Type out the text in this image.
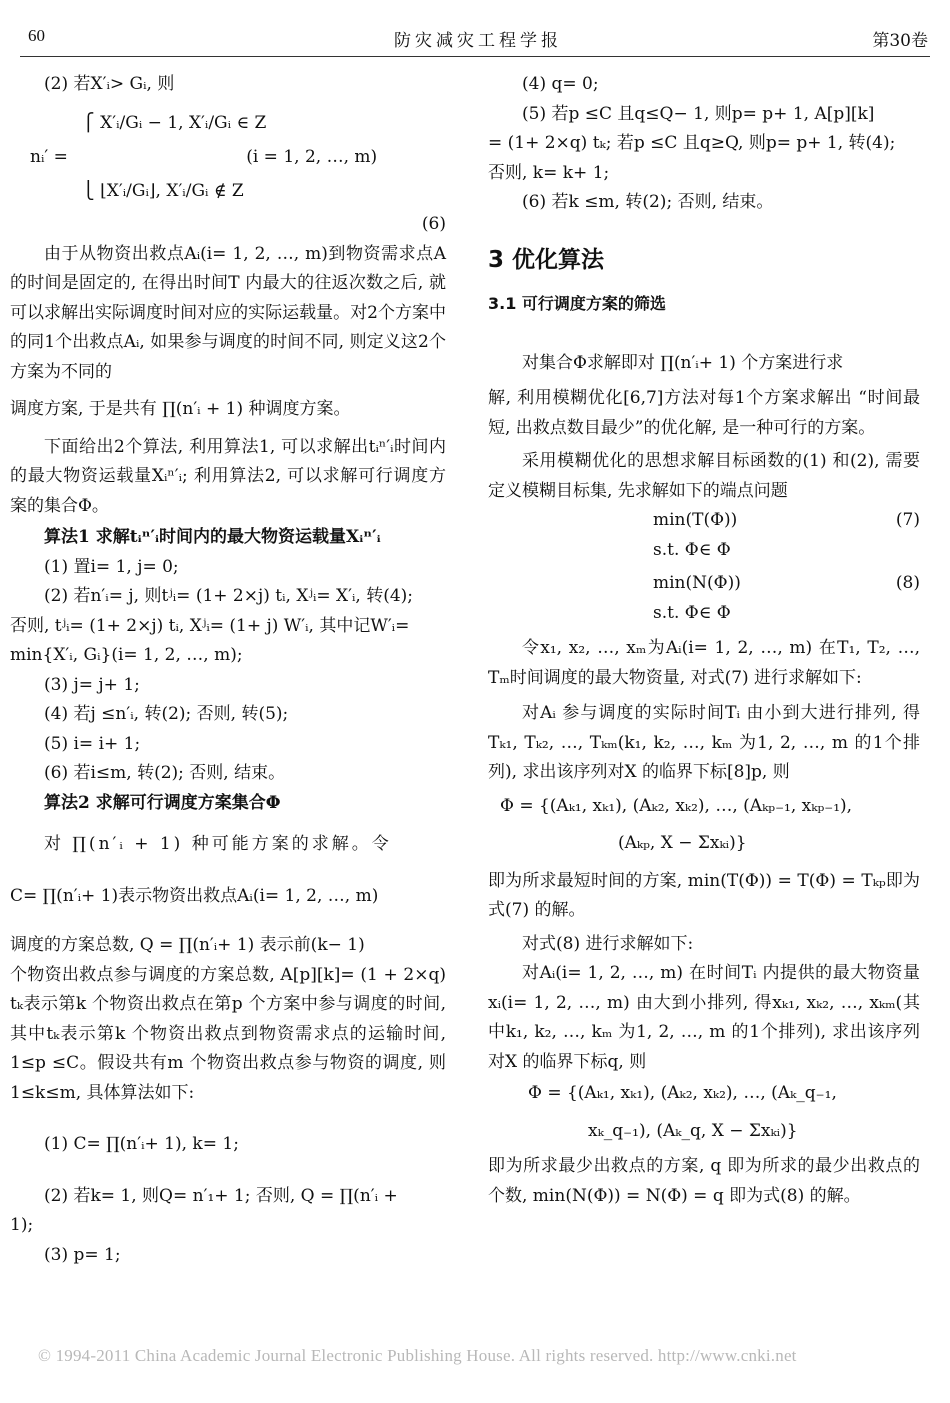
60	防灾减灾工程学报	第30卷

(2) 若X′ᵢ> Gᵢ, 则

⎧ X′ᵢ/Gᵢ − 1, X′ᵢ/Gᵢ ∈ Z

nᵢ′ =                                 (i = 1, 2, …, m)

⎩ ⌊X′ᵢ/Gᵢ⌋, X′ᵢ/Gᵢ ∉ Z

(6)

由于从物资出救点Aᵢ(i= 1, 2, …, m)到物资需求点A 的时间是固定的, 在得出时间T 内最大的往返次数之后, 就可以求解出实际调度时间对应的实际运载量。对2个方案中的同1个出救点Aᵢ, 如果参与调度的时间不同, 则定义这2个方案为不同的

调度方案, 于是共有 ∏(n′ᵢ + 1) 种调度方案。

下面给出2个算法, 利用算法1, 可以求解出tᵢⁿ′ᵢ时间内的最大物资运载量Xᵢⁿ′ᵢ; 利用算法2, 可以求解可行调度方案的集合Φ。

算法1 求解tᵢⁿ′ᵢ时间内的最大物资运载量Xᵢⁿ′ᵢ

(1) 置i= 1, j= 0;

(2) 若n′ᵢ= j, 则tʲᵢ= (1+ 2×j) tᵢ, Xʲᵢ= X′ᵢ, 转(4);

否则, tʲᵢ= (1+ 2×j) tᵢ, Xʲᵢ= (1+ j) W′ᵢ, 其中记W′ᵢ=

min{X′ᵢ, Gᵢ}(i= 1, 2, …, m);

(3) j= j+ 1;

(4) 若j ≤n′ᵢ, 转(2); 否则, 转(5);

(5) i= i+ 1;

(6) 若i≤m, 转(2); 否则, 结束。

算法2 求解可行调度方案集合Φ

对 ∏(n′ᵢ + 1) 种可能方案的求解。令

C= ∏(n′ᵢ+ 1)表示物资出救点Aᵢ(i= 1, 2, …, m)

调度的方案总数, Q = ∏(n′ᵢ+ 1) 表示前(k− 1)

个物资出救点参与调度的方案总数, A[p][k]= (1 + 2×q) tₖ表示第k 个物资出救点在第p 个方案中参与调度的时间, 其中tₖ表示第k 个物资出救点到物资需求点的运输时间, 1≤p ≤C。假设共有m 个物资出救点参与物资的调度, 则1≤k≤m, 具体算法如下:

(1) C= ∏(n′ᵢ+ 1), k= 1;

(2) 若k= 1, 则Q= n′₁+ 1; 否则, Q = ∏(n′ᵢ +

1);

(3) p= 1;

(4) q= 0;

(5) 若p ≤C 且q≤Q− 1, 则p= p+ 1, A[p][k]

= (1+ 2×q) tₖ; 若p ≤C 且q≥Q, 则p= p+ 1, 转(4);

否则, k= k+ 1;

(6) 若k ≤m, 转(2); 否则, 结束。

3 优化算法
3.1 可行调度方案的筛选

对集合Φ求解即对 ∏(n′ᵢ+ 1) 个方案进行求

解, 利用模糊优化[6,7]方法对每1个方案求解出 “时间最短, 出救点数目最少”的优化解, 是一种可行的方案。

采用模糊优化的思想求解目标函数的(1) 和(2), 需要定义模糊目标集, 先求解如下的端点问题

min(T(Φ))

s.t. Φ∈ Φ

(7)

min(N(Φ))

s.t. Φ∈ Φ

(8)

令x₁, x₂, …, xₘ为Aᵢ(i= 1, 2, …, m) 在T₁, T₂, …, Tₘ时间调度的最大物资量, 对式(7) 进行求解如下:

对Aᵢ 参与调度的实际时间Tᵢ 由小到大进行排列, 得Tₖ₁, Tₖ₂, …, Tₖₘ(k₁, k₂, …, kₘ 为1, 2, …, m 的1个排列), 求出该序列对X 的临界下标[8]p, 则

Φ = {(Aₖ₁, xₖ₁), (Aₖ₂, xₖ₂), …, (Aₖₚ₋₁, xₖₚ₋₁),

(Aₖₚ, X − Σxₖᵢ)}

即为所求最短时间的方案, min(T(Φ)) = T(Φ) = Tₖₚ即为式(7) 的解。

对式(8) 进行求解如下:

对Aᵢ(i= 1, 2, …, m) 在时间Tᵢ 内提供的最大物资量xᵢ(i= 1, 2, …, m) 由大到小排列, 得xₖ₁, xₖ₂, …, xₖₘ(其中k₁, k₂, …, kₘ 为1, 2, …, m 的1个排列), 求出该序列对X 的临界下标q, 则

Φ = {(Aₖ₁, xₖ₁), (Aₖ₂, xₖ₂), …, (Aₖ_q₋₁,

xₖ_q₋₁), (Aₖ_q, X − Σxₖᵢ)}

即为所求最少出救点的方案, q 即为所求的最少出救点的个数, min(N(Φ)) = N(Φ) = q 即为式(8) 的解。

© 1994-2011 China Academic Journal Electronic Publishing House. All rights reserved. http://www.cnki.net
